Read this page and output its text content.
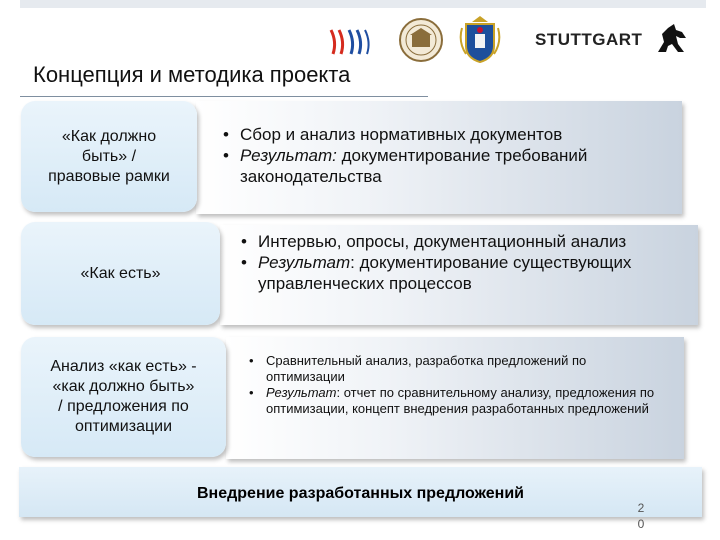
STUTTGART
Концепция и методика проекта
• Сбор и анализ нормативных документов
• Результат: документирование требований законодательства
«Как должно
быть» /
правовые рамки
• Интервью, опросы, документационный анализ
• Результат: документирование существующих управленческих процессов
«Как есть»
• Сравнительный анализ, разработка предложений по оптимизации
• Результат: отчет по сравнительному анализу, предложения по оптимизации, концепт внедрения разработанных предложений
Анализ «как есть» -
«как должно быть»
/ предложения по
оптимизации
Внедрение разработанных предложений
2
0
